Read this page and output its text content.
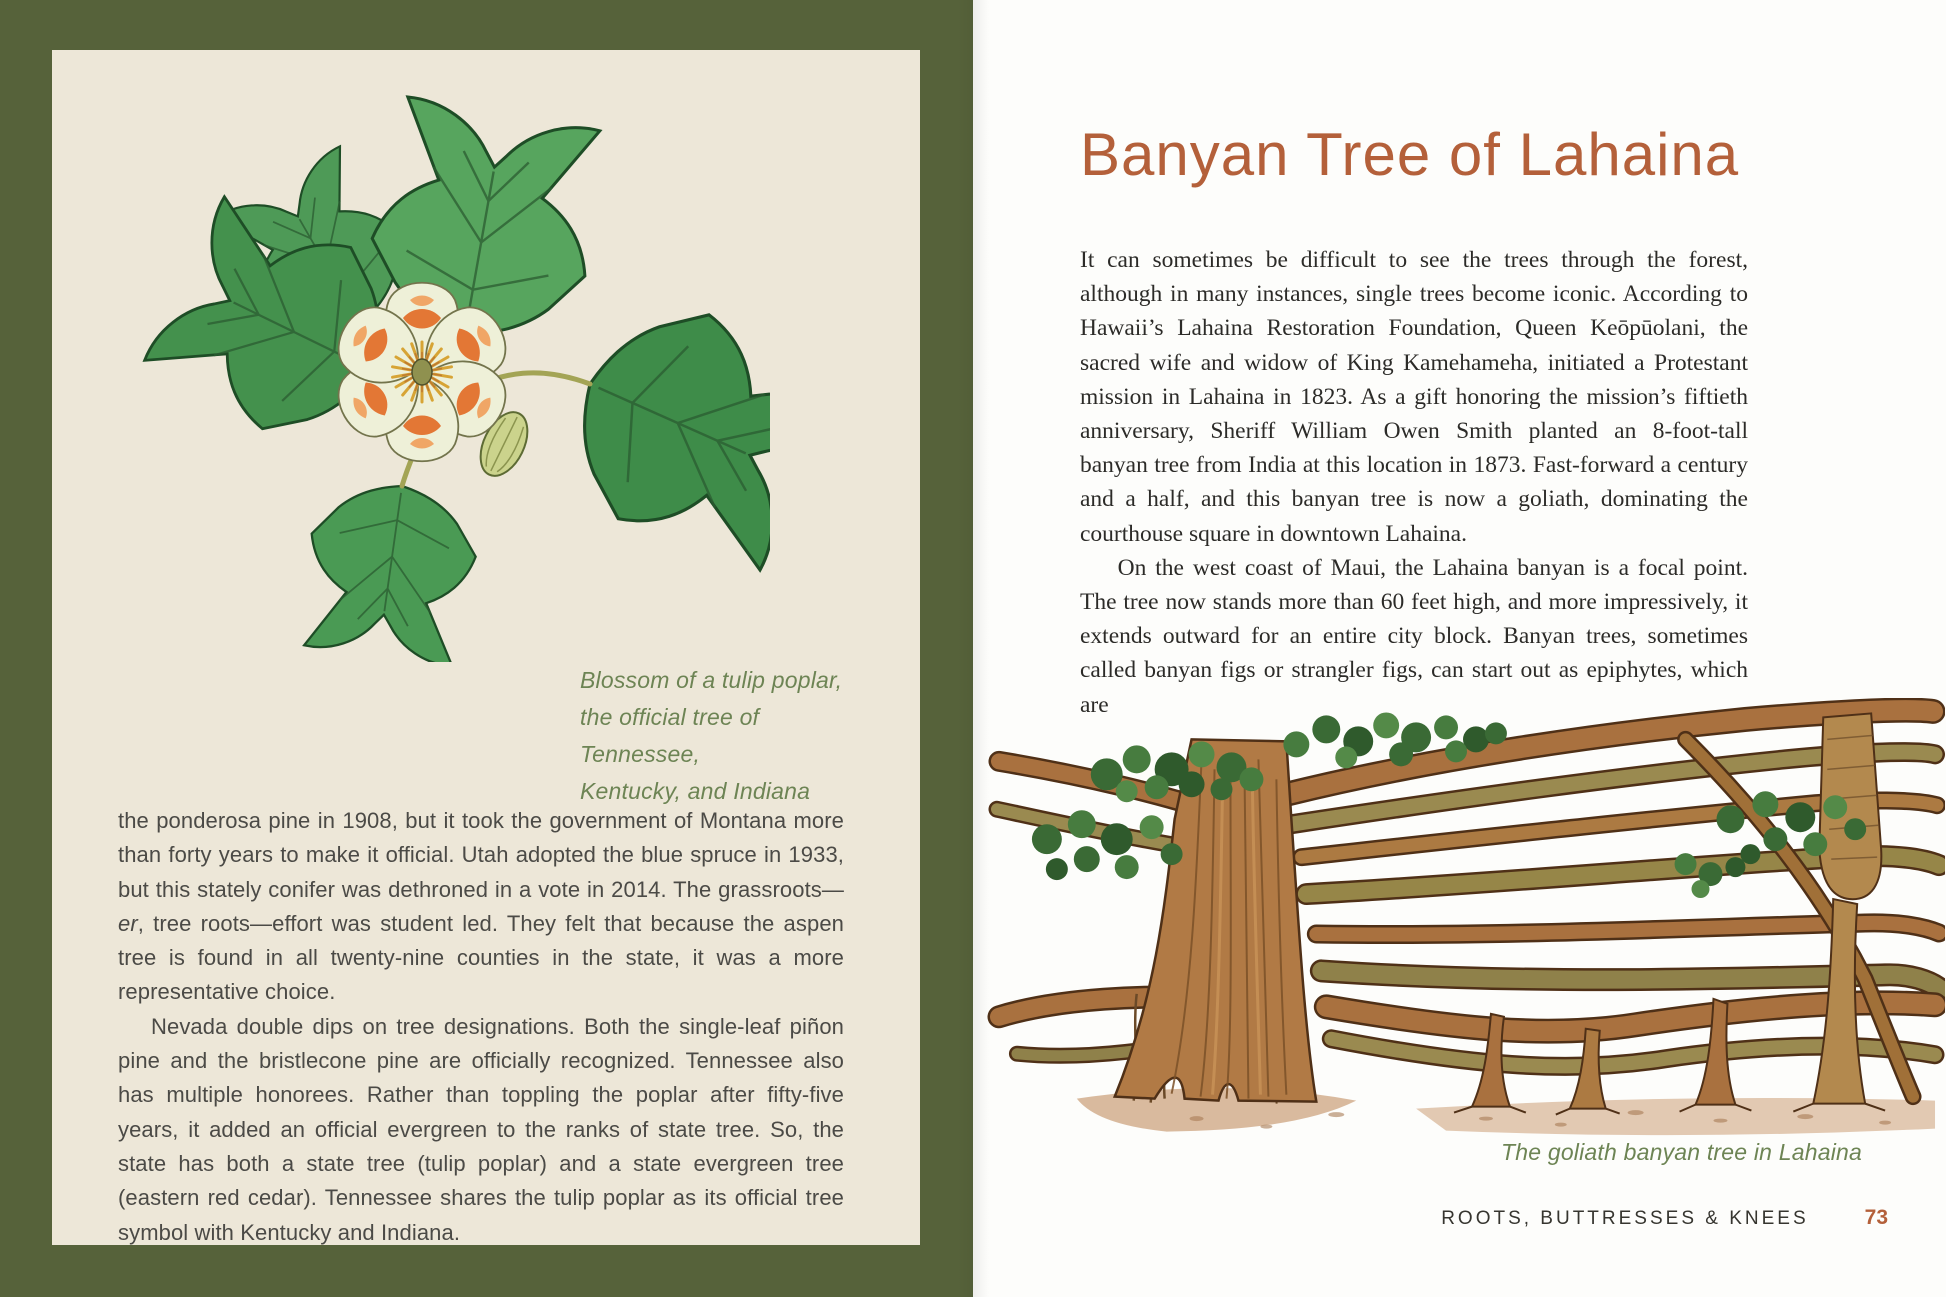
Blossom of a tulip poplar,
the official tree of Tennessee,
Kentucky, and Indiana

the ponderosa pine in 1908, but it took the government of Montana more than forty years to make it official. Utah adopted the blue spruce in 1933, but this stately conifer was dethroned in a vote in 2014. The grassroots—er, tree roots—effort was student led. They felt that because the aspen tree is found in all twenty-nine counties in the state, it was a more representative choice.

Nevada double dips on tree designations. Both the single-leaf piñon pine and the bristlecone pine are officially recognized. Tennessee also has multiple honorees. Rather than toppling the poplar after fifty-five years, it added an official evergreen to the ranks of state tree. So, the state has both a state tree (tulip poplar) and a state evergreen tree (eastern red cedar). Tennessee shares the tulip poplar as its official tree symbol with Kentucky and Indiana.

Banyan Tree of Lahaina

It can sometimes be difficult to see the trees through the forest, although in many instances, single trees become iconic. According to Hawaii’s Lahaina Restoration Foundation, Queen Keōpūolani, the sacred wife and widow of King Kamehameha, initiated a Protestant mission in Lahaina in 1823. As a gift honoring the mission’s fiftieth anniversary, Sheriff William Owen Smith planted an 8-foot-tall banyan tree from India at this location in 1873. Fast-forward a century and a half, and this banyan tree is now a goliath, dominating the courthouse square in downtown Lahaina.

On the west coast of Maui, the Lahaina banyan is a focal point. The tree now stands more than 60 feet high, and more impressively, it extends outward for an entire city block. Banyan trees, sometimes called banyan figs or strangler figs, can start out as epiphytes, which are

The goliath banyan tree in Lahaina
ROOTS, BUTTRESSES & KNEES	73
